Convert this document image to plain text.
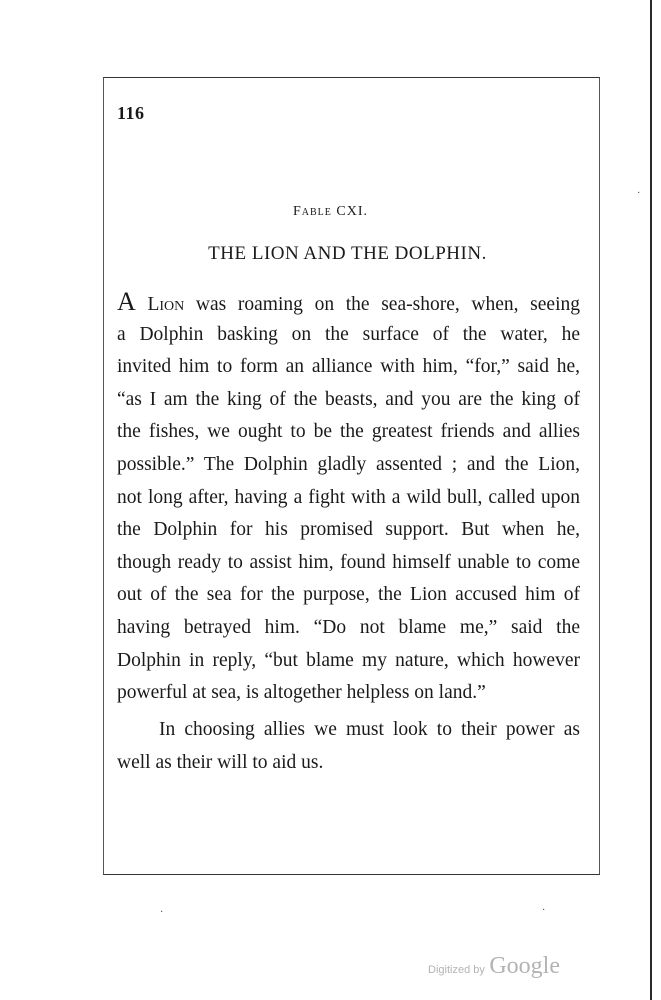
116
Fable CXI.
THE LION AND THE DOLPHIN.
A Lion was roaming on the sea-shore, when, seeing
a Dolphin basking on the surface of the water, he
invited him to form an alliance with him, “for,” said he,
“as I am the king of the beasts, and you are the king of
the fishes, we ought to be the greatest friends and allies
possible.” The Dolphin gladly assented ; and the Lion,
not long after, having a fight with a wild bull, called upon
the Dolphin for his promised support. But when he,
though ready to assist him, found himself unable to come
out of the sea for the purpose, the Lion accused him of
having betrayed him. “Do not blame me,” said the
Dolphin in reply, “but blame my nature, which however
powerful at sea, is altogether helpless on land.”
In choosing allies we must look to their power as
well as their will to aid us.
·
·	·
Digitized by Google
